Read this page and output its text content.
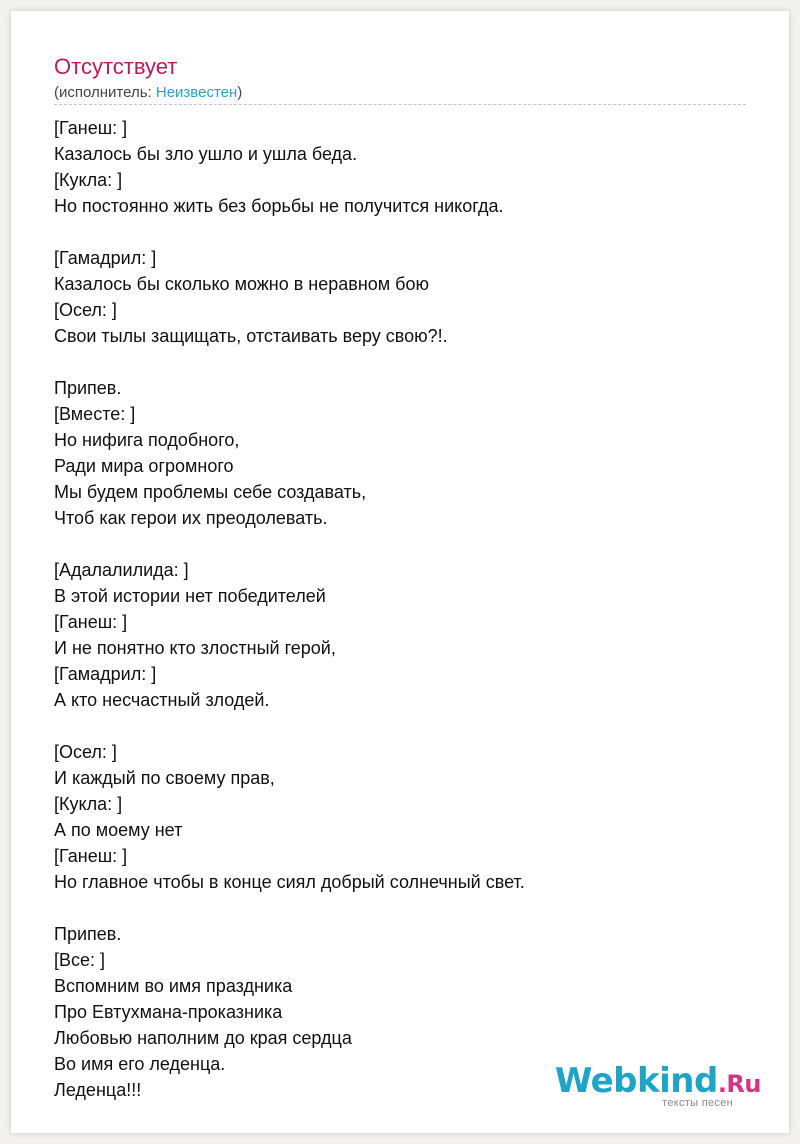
Отсутствует
(исполнитель: Неизвестен)
[Ганеш: ]
Казалось бы зло ушло и ушла беда.
[Кукла: ]
Но постоянно жить без борьбы не получится никогда.
[Гамадрил: ]
Казалось бы сколько можно в неравном бою
[Осел: ]
Свои тылы защищать, отстаивать веру свою?!.
Припев.
[Вместе: ]
Но нифига подобного,
Ради мира огромного
Мы будем проблемы себе создавать,
Чтоб как герои их преодолевать.
[Адалалилида: ]
В этой истории нет победителей
[Ганеш: ]
И не понятно кто злостный герой,
[Гамадрил: ]
А кто несчастный злодей.
[Осел: ]
И каждый по своему прав,
[Кукла: ]
А по моему нет
[Ганеш: ]
Но главное чтобы в конце сиял добрый солнечный свет.
Припев.
[Все: ]
Вспомним во имя праздника
Про Евтухмана-проказника
Любовью наполним до края сердца
Во имя его леденца.
Леденца!!!	Webkind.Ru
тексты песен
